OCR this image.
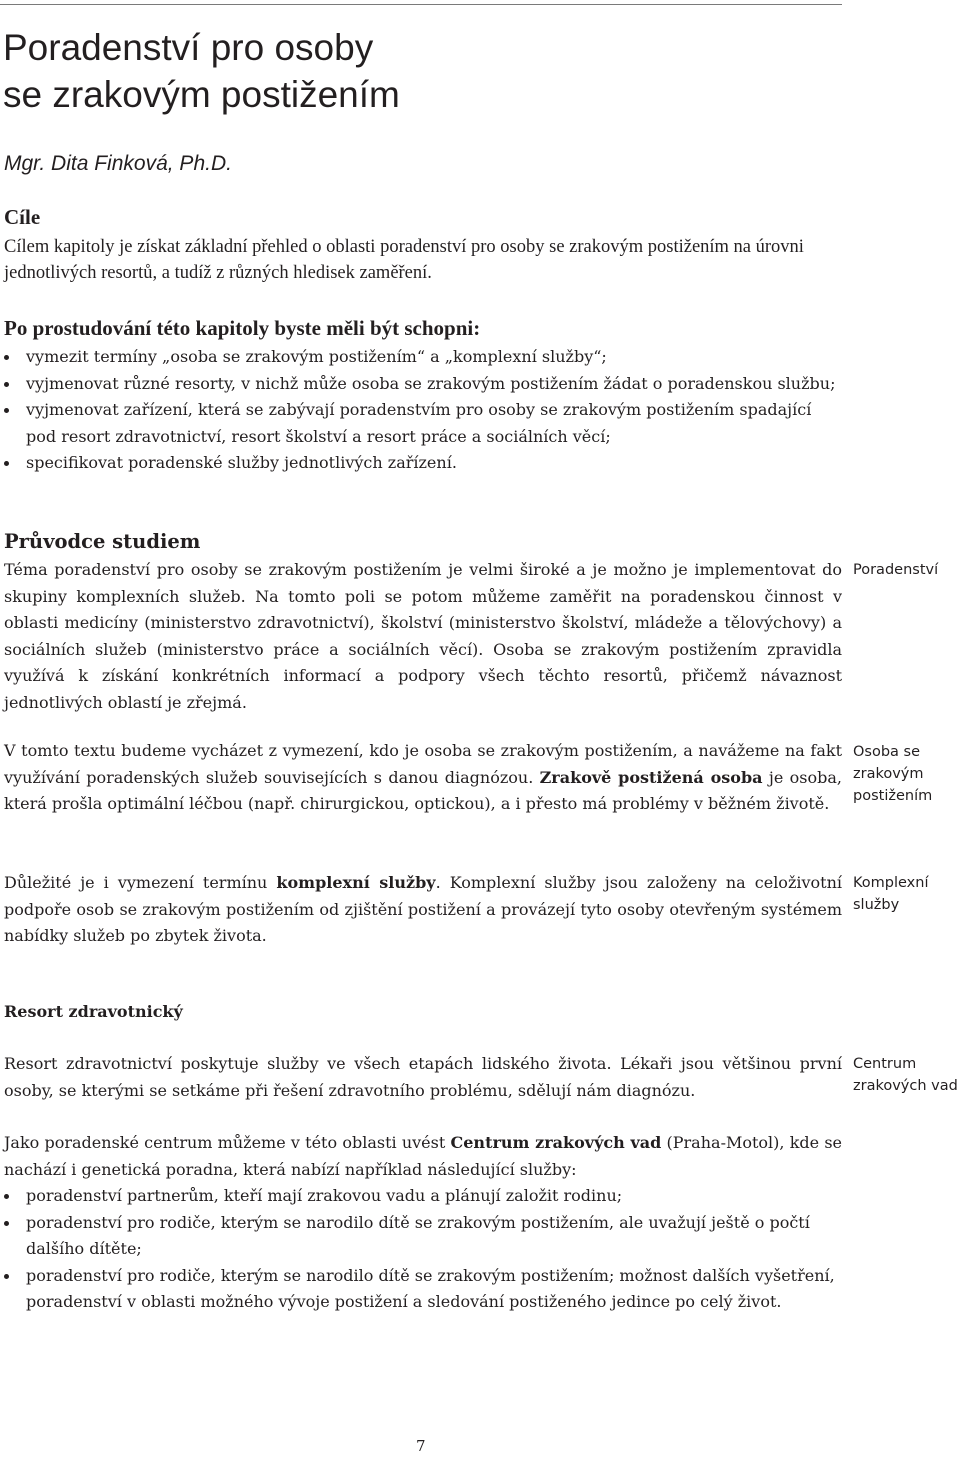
Poradenství pro osoby
se zrakovým postižením
Mgr. Dita Finková, Ph.D.
Cíle
Cílem kapitoly je získat základní přehled o oblasti poradenství pro osoby se zrakovým postižením na úrovni jednotlivých resortů, a tudíž z různých hledisek zaměření.
Po prostudování této kapitoly byste měli být schopni:
vymezit termíny „osoba se zrakovým postižením“ a „komplexní služby“;
vyjmenovat různé resorty, v nichž může osoba se zrakovým postižením žádat o poradenskou službu;
vyjmenovat zařízení, která se zabývají poradenstvím pro osoby se zrakovým postižením spadající pod resort zdravotnictví, resort školství a resort práce a sociálních věcí;
specifikovat poradenské služby jednotlivých zařízení.
Průvodce studiem
Téma poradenství pro osoby se zrakovým postižením je velmi široké a je možno je implementovat do skupiny komplexních služeb. Na tomto poli se potom můžeme zaměřit na poradenskou činnost v oblasti medicíny (ministerstvo zdravotnictví), školství (ministerstvo školství, mládeže a tělovýchovy) a sociálních služeb (ministerstvo práce a sociálních věcí). Osoba se zrakovým postižením zpravidla využívá k získání konkrétních informací a podpory všech těchto resortů, přičemž návaznost jednotlivých oblastí je zřejmá.
V tomto textu budeme vycházet z vymezení, kdo je osoba se zrakovým postižením, a navážeme na fakt využívání poradenských služeb souvisejících s danou diagnózou. Zrakově postižená osoba je osoba, která prošla optimální léčbou (např. chirurgickou, optickou), a i přesto má problémy v běžném životě.
Důležité je i vymezení termínu komplexní služby. Komplexní služby jsou založeny na celoživotní podpoře osob se zrakovým postižením od zjištění postižení a provázejí tyto osoby otevřeným systémem nabídky služeb po zbytek života.
Resort zdravotnický
Resort zdravotnictví poskytuje služby ve všech etapách lidského života. Lékaři jsou většinou první osoby, se kterými se setkáme při řešení zdravotního problému, sdělují nám diagnózu.
Jako poradenské centrum můžeme v této oblasti uvést Centrum zrakových vad (Praha-Motol), kde se nachází i genetická poradna, která nabízí například následující služby:
poradenství partnerům, kteří mají zrakovou vadu a plánují založit rodinu;
poradenství pro rodiče, kterým se narodilo dítě se zrakovým postižením, ale uvažují ještě o počtí dalšího dítěte;
poradenství pro rodiče, kterým se narodilo dítě se zrakovým postižením; možnost dalších vyšetření, poradenství v oblasti možného vývoje postižení a sledování postiženého jedince po celý život.
Poradenství
Osoba se zrakovým postižením
Komplexní služby
Centrum zrakových vad
7
